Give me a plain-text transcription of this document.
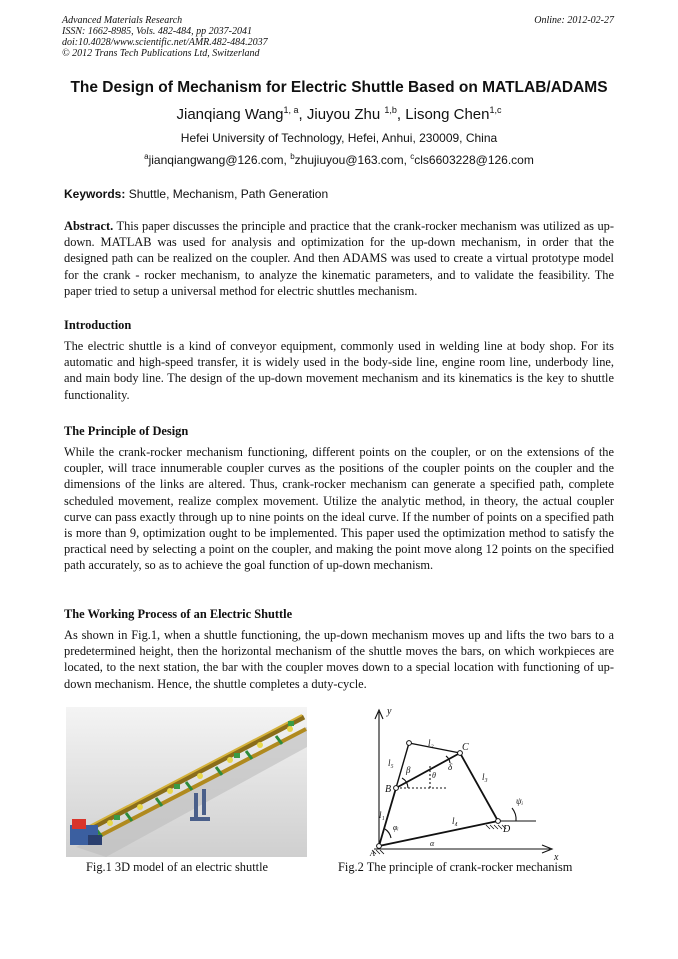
Advanced Materials Research
ISSN: 1662-8985, Vols. 482-484, pp 2037-2041
doi:10.4028/www.scientific.net/AMR.482-484.2037
© 2012 Trans Tech Publications Ltd, Switzerland
Online: 2012-02-27
The Design of Mechanism for Electric Shuttle Based on MATLAB/ADAMS
Jianqiang Wang$^{1, a}$, Jiuyou Zhu $^{1,b}$, Lisong Chen$^{1,c}$
Hefei University of Technology, Hefei, Anhui, 230009, China
$^a$jianqiangwang@126.com, $^b$zhujiuyou@163.com, $^c$cls6603228@126.com
Keywords: Shuttle, Mechanism, Path Generation

Abstract. This paper discusses the principle and practice that the crank-rocker mechanism was utilized as up-down. MATLAB was used for analysis and optimization for the up-down mechanism, in order that the designed path can be realized on the coupler. And then ADAMS was used to create a virtual prototype model for the crank - rocker mechanism, to analyze the kinematic parameters, and to validate the feasibility. The paper tried to setup a universal method for electric shuttles mechanism.

Introduction

The electric shuttle is a kind of conveyor equipment, commonly used in welding line at body shop. For its automatic and high-speed transfer, it is widely used in the body-side line, engine room line, underbody line, and main body line. The design of the up-down movement mechanism and its kinematics is the key to shuttle functionality.

The Principle of Design

While the crank-rocker mechanism functioning, different points on the coupler, or on the extensions of the coupler, will trace innumerable coupler curves as the positions of the coupler points on the coupler and the dimensions of the links are altered. Thus, crank-rocker mechanism can generate a specified path, complete scheduled movement, realize complex movement. Utilize the analytic method, in theory, the actual coupler curve can pass exactly through up to nine points on the ideal curve. If the number of points on a specified path is more than 9, optimization ought to be implemented. This paper used the optimization method to satisfy the practical need by selecting a point on the coupler, and making the point move along 12 points on the specified path accurately, so as to achieve the goal function of up-down mechanism.

The Working Process of an Electric Shuttle

As shown in Fig.1, when a shuttle functioning, the up-down mechanism moves up and lifts the two bars to a predetermined height, then the horizontal mechanism of the shuttle moves the bars, on which workpieces are located, to the next station, the bar with the coupler moves down to a special location with functioning of up-down mechanism. Hence, the shuttle completes a duty-cycle.

y
x
A
B
C
D
l₅
l₁
l₂
l₃
l₄
β
θ
δ
ψᵢ
φᵢ
α
Fig.1 3D model of an electric shuttle	Fig.2 The principle of crank-rocker mechanism
